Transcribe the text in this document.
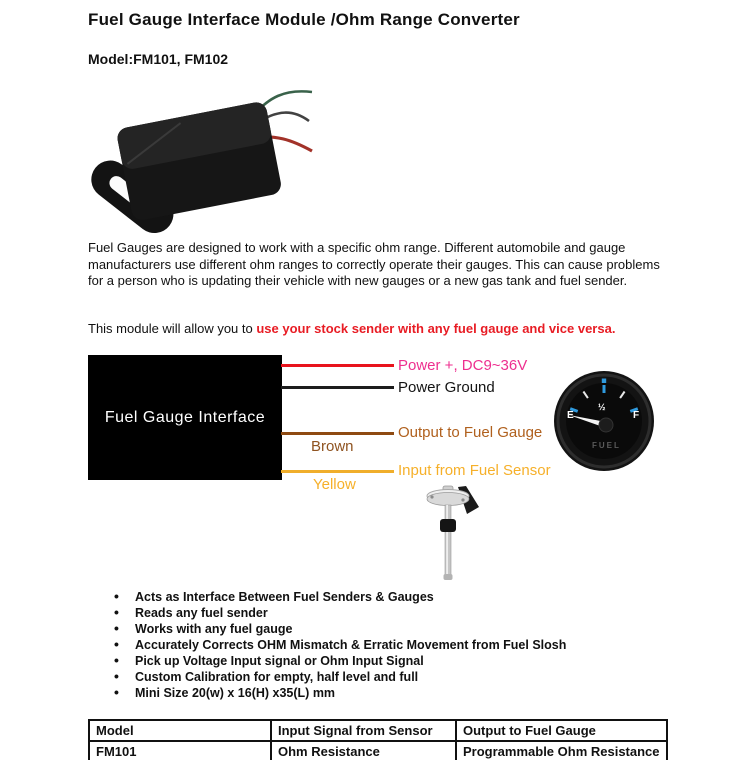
Fuel Gauge Interface Module /Ohm Range Converter
Model:FM101, FM102
Fuel Gauges are designed to work with a specific ohm range. Different automobile and gauge manufacturers use different ohm ranges to correctly operate their gauges. This can cause problems for a person who is updating their vehicle with new gauges or a new gas tank and fuel sender.
This module will allow you to use your stock sender with any fuel gauge and vice versa.
Fuel Gauge Interface
Power +, DC9~36V
Power Ground
Output to Fuel Gauge
Input from Fuel Sensor
Brown
Yellow
E
½
F
FUEL
• Acts as Interface Between Fuel Senders & Gauges
• Reads any fuel sender
• Works with any fuel gauge
• Accurately Corrects OHM Mismatch & Erratic Movement from Fuel Slosh
• Pick up Voltage Input signal or Ohm Input Signal
• Custom Calibration for empty, half level and full
• Mini Size 20(w) x 16(H) x35(L) mm
Model	Input Signal from Sensor	Output to Fuel Gauge
FM101	Ohm Resistance	Programmable Ohm Resistance
